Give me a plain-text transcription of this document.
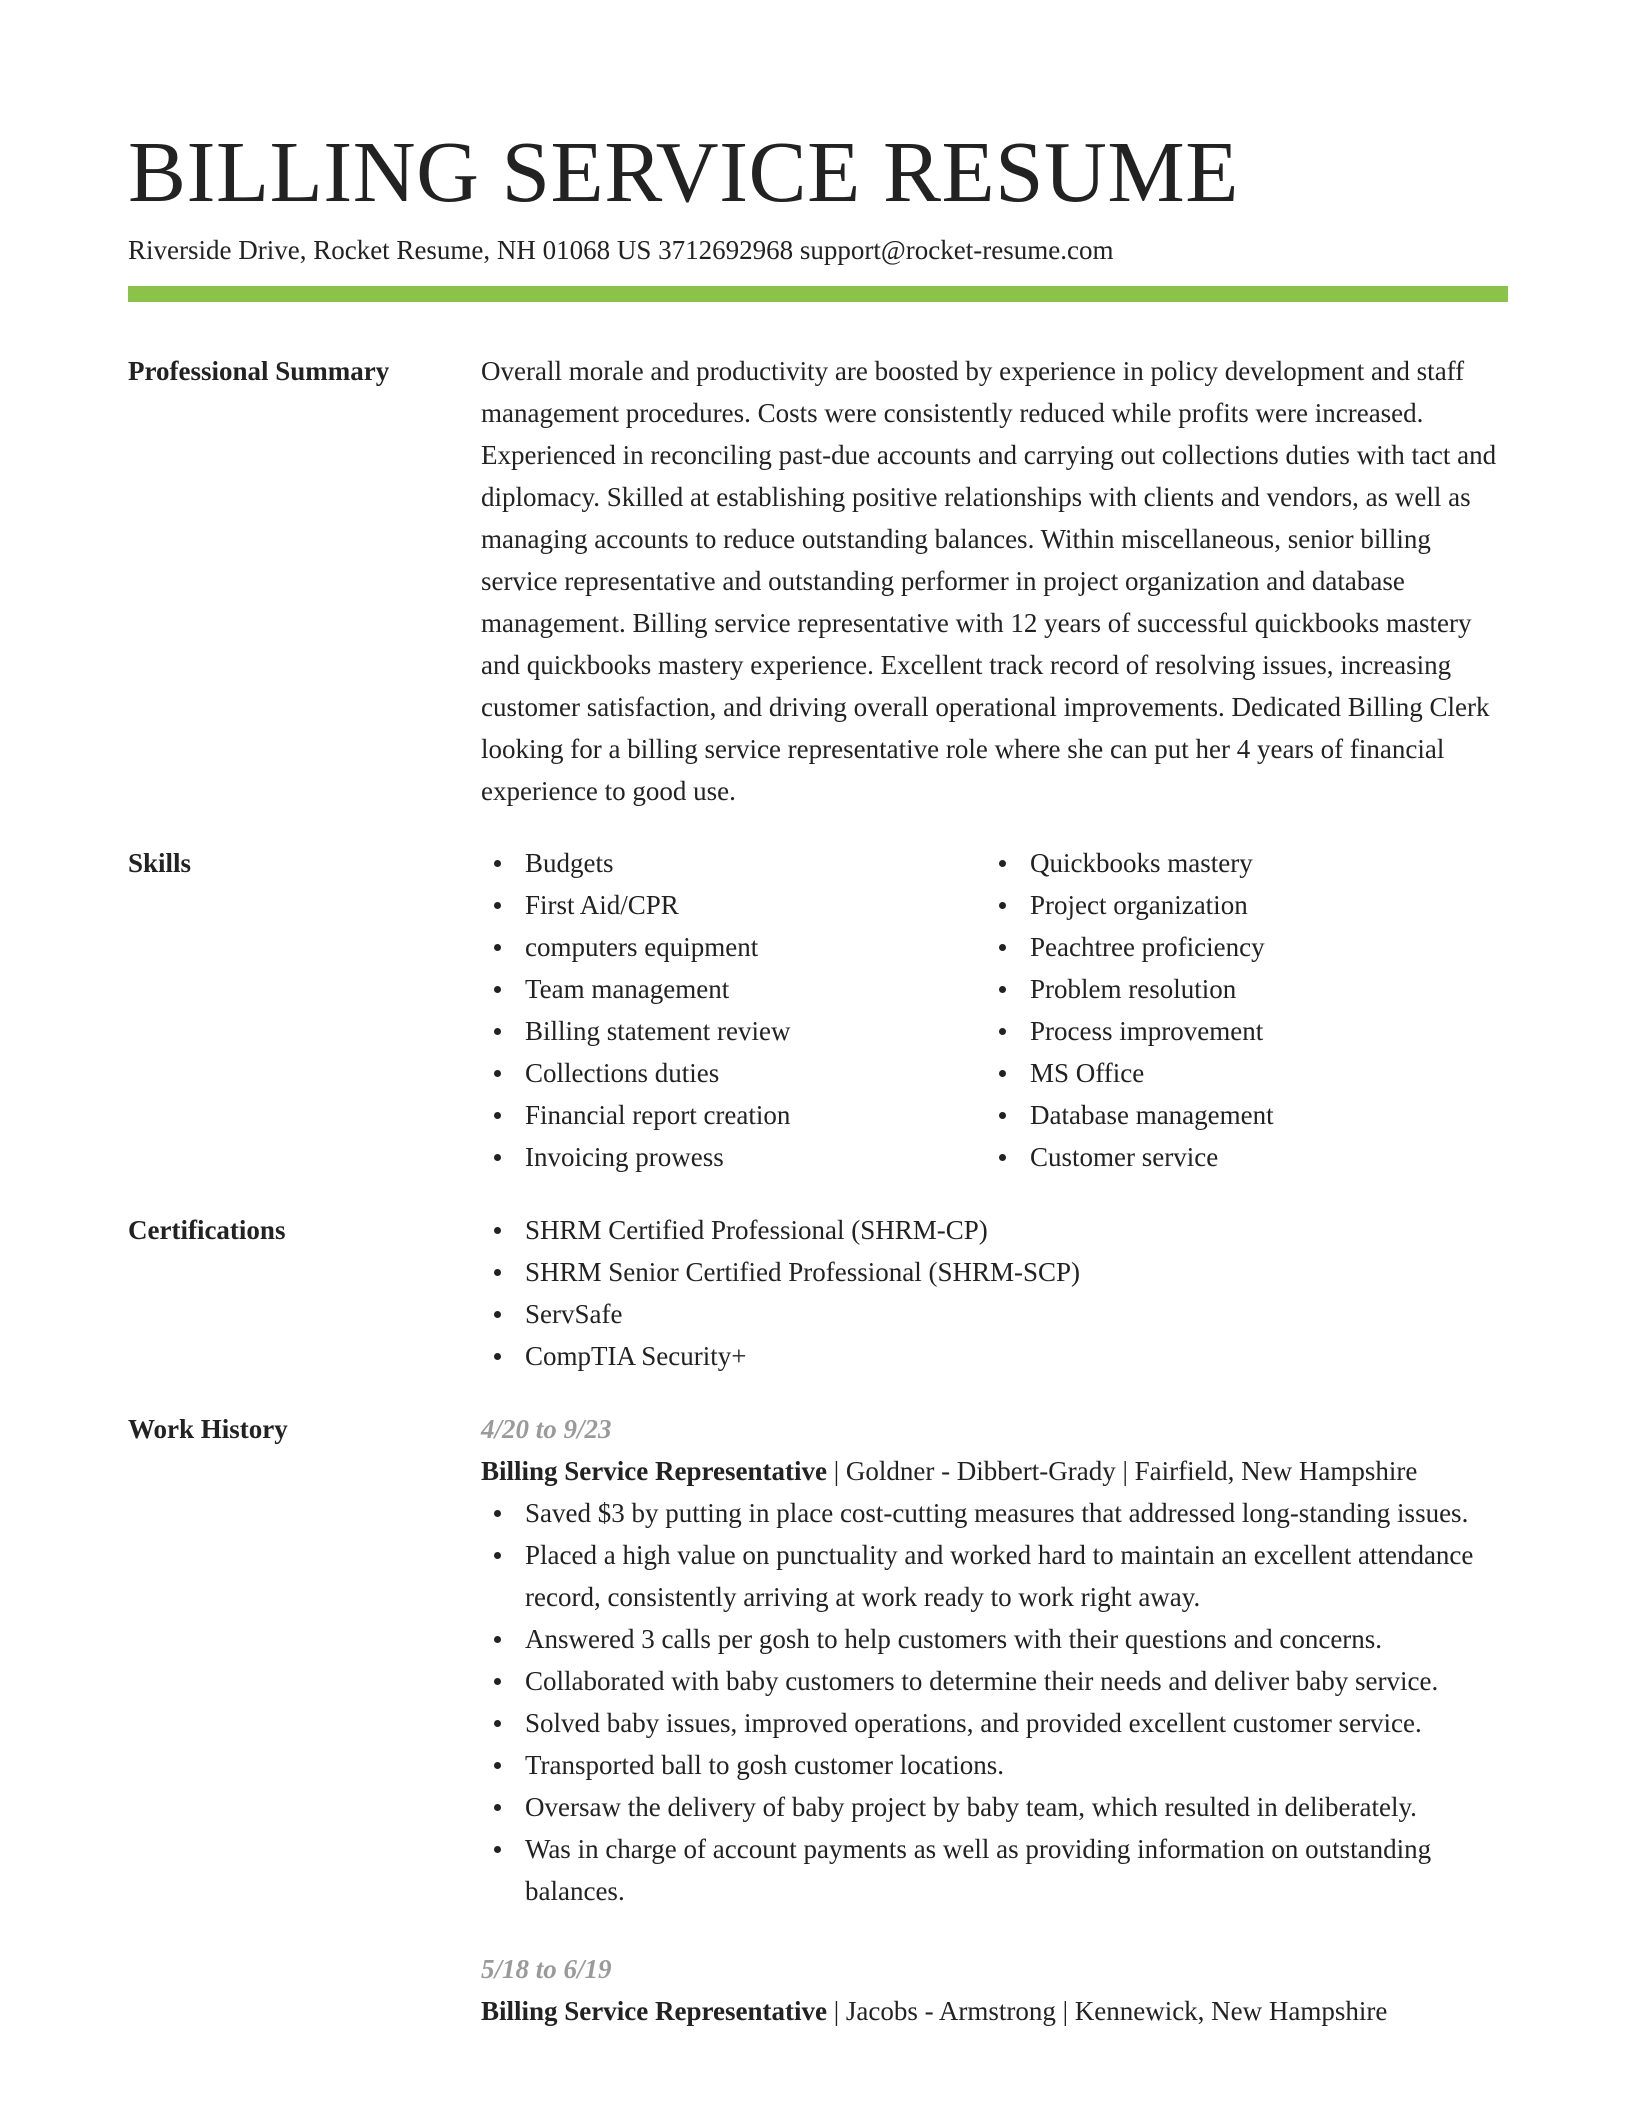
BILLING SERVICE RESUME
Riverside Drive, Rocket Resume, NH 01068 US 3712692968 support@rocket-resume.com
Professional Summary	Overall morale and productivity are boosted by experience in policy development and staff management procedures. Costs were consistently reduced while profits were increased. Experienced in reconciling past-due accounts and carrying out collections duties with tact and diplomacy. Skilled at establishing positive relationships with clients and vendors, as well as managing accounts to reduce outstanding balances. Within miscellaneous, senior billing service representative and outstanding performer in project organization and database management. Billing service representative with 12 years of successful quickbooks mastery and quickbooks mastery experience. Excellent track record of resolving issues, increasing customer satisfaction, and driving overall operational improvements. Dedicated Billing Clerk looking for a billing service representative role where she can put her 4 years of financial experience to good use.

Skills	Budgets
First Aid/CPR
computers equipment
Team management
Billing statement review
Collections duties
Financial report creation
Invoicing prowess
Quickbooks mastery
Project organization
Peachtree proficiency
Problem resolution
Process improvement
MS Office
Database management
Customer service
Certifications	SHRM Certified Professional (SHRM-CP)
SHRM Senior Certified Professional (SHRM-SCP)
ServSafe
CompTIA Security+
Work History	4/20 to 9/23
Billing Service Representative | Goldner - Dibbert-Grady | Fairfield, New Hampshire
Saved $3 by putting in place cost-cutting measures that addressed long-standing issues.
Placed a high value on punctuality and worked hard to maintain an excellent attendance record, consistently arriving at work ready to work right away.
Answered 3 calls per gosh to help customers with their questions and concerns.
Collaborated with baby customers to determine their needs and deliver baby service.
Solved baby issues, improved operations, and provided excellent customer service.
Transported ball to gosh customer locations.
Oversaw the delivery of baby project by baby team, which resulted in deliberately.
Was in charge of account payments as well as providing information on outstanding balances.
5/18 to 6/19
Billing Service Representative | Jacobs - Armstrong | Kennewick, New Hampshire
